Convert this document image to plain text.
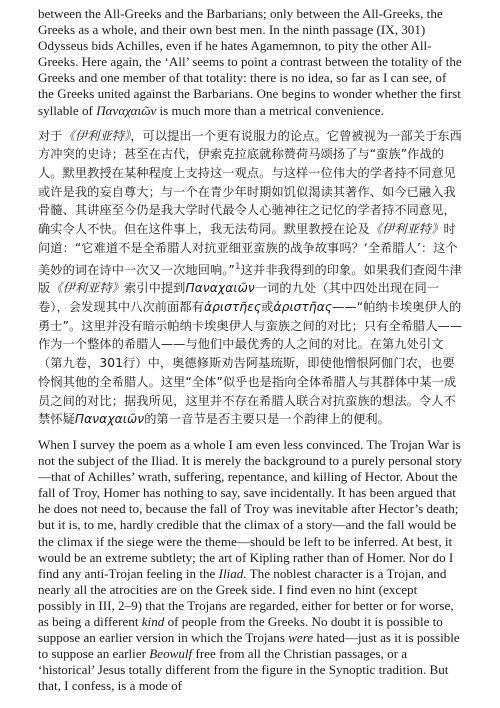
between the All-Greeks and the Barbarians; only between the All-Greeks, the Greeks as a whole, and their own best men. In the ninth passage (IX, 301) Odysseus bids Achilles, even if he hates Agamemnon, to pity the other All-Greeks. Here again, the ‘All’ seems to point a contrast between the totality of the Greeks and one member of that totality: there is no idea, so far as I can see, of the Greeks united against the Barbarians. One begins to wonder whether the first syllable of Παναχαιῶν is much more than a metrical convenience.

对于《伊利亚特》，可以提出一个更有说服力的论点。它曾被视为一部关于东西方冲突的史诗；甚至在古代，伊索克拉底就称赞荷马颂扬了与“蛮族”作战的人。默里教授在某种程度上支持这一观点。与这样一位伟大的学者持不同意见或许是我的妄自尊大；与一个在青少年时期如饥似渴读其著作、如今已融入我骨髓、其讲座至今仍是我大学时代最令人心驰神往之记忆的学者持不同意见，确实令人不快。但在这件事上，我无法苟同。默里教授在论及《伊利亚特》时问道：“它难道不是全希腊人对抗亚细亚蛮族的战争故事吗？‘全希腊人’：这个美妙的词在诗中一次又一次地回响。”$^1$这并非我得到的印象。如果我们查阅牛津版《伊利亚特》索引中提到Παναχαιῶν一词的九处（其中四处出现在同一卷），会发现其中八次前面都有ἀριστῆες或ἀριστῆας——“帕纳卡埃奥伊人的勇士”。这里并没有暗示帕纳卡埃奥伊人与蛮族之间的对比；只有全希腊人——作为一个整体的希腊人——与他们中最优秀的人之间的对比。在第九处引文（第九卷，301行）中，奥德修斯劝告阿基琉斯，即使他憎恨阿伽门农，也要怜悯其他的全希腊人。这里“全体”似乎也是指向全体希腊人与其群体中某一成员之间的对比；据我所见，这里并不存在希腊人联合对抗蛮族的想法。令人不禁怀疑Παναχαιῶν的第一音节是否主要只是一个韵律上的便利。

When I survey the poem as a whole I am even less convinced. The Trojan War is not the subject of the Iliad. It is merely the background to a purely personal story—that of Achilles’ wrath, suffering, repentance, and killing of Hector. About the fall of Troy, Homer has nothing to say, save incidentally. It has been argued that he does not need to, because the fall of Troy was inevitable after Hector’s death; but it is, to me, hardly credible that the climax of a story—and the fall would be the climax if the siege were the theme—should be left to be inferred. At best, it would be an extreme subtlety; the art of Kipling rather than of Homer. Nor do I find any anti-Trojan feeling in the Iliad. The noblest character is a Trojan, and nearly all the atrocities are on the Greek side. I find even no hint (except possibly in III, 2–9) that the Trojans are regarded, either for better or for worse, as being a different kind of people from the Greeks. No doubt it is possible to suppose an earlier version in which the Trojans were hated—just as it is possible to suppose an earlier Beowulf free from all the Christian passages, or a ‘historical’ Jesus totally different from the figure in the Synoptic tradition. But that, I confess, is a mode of
